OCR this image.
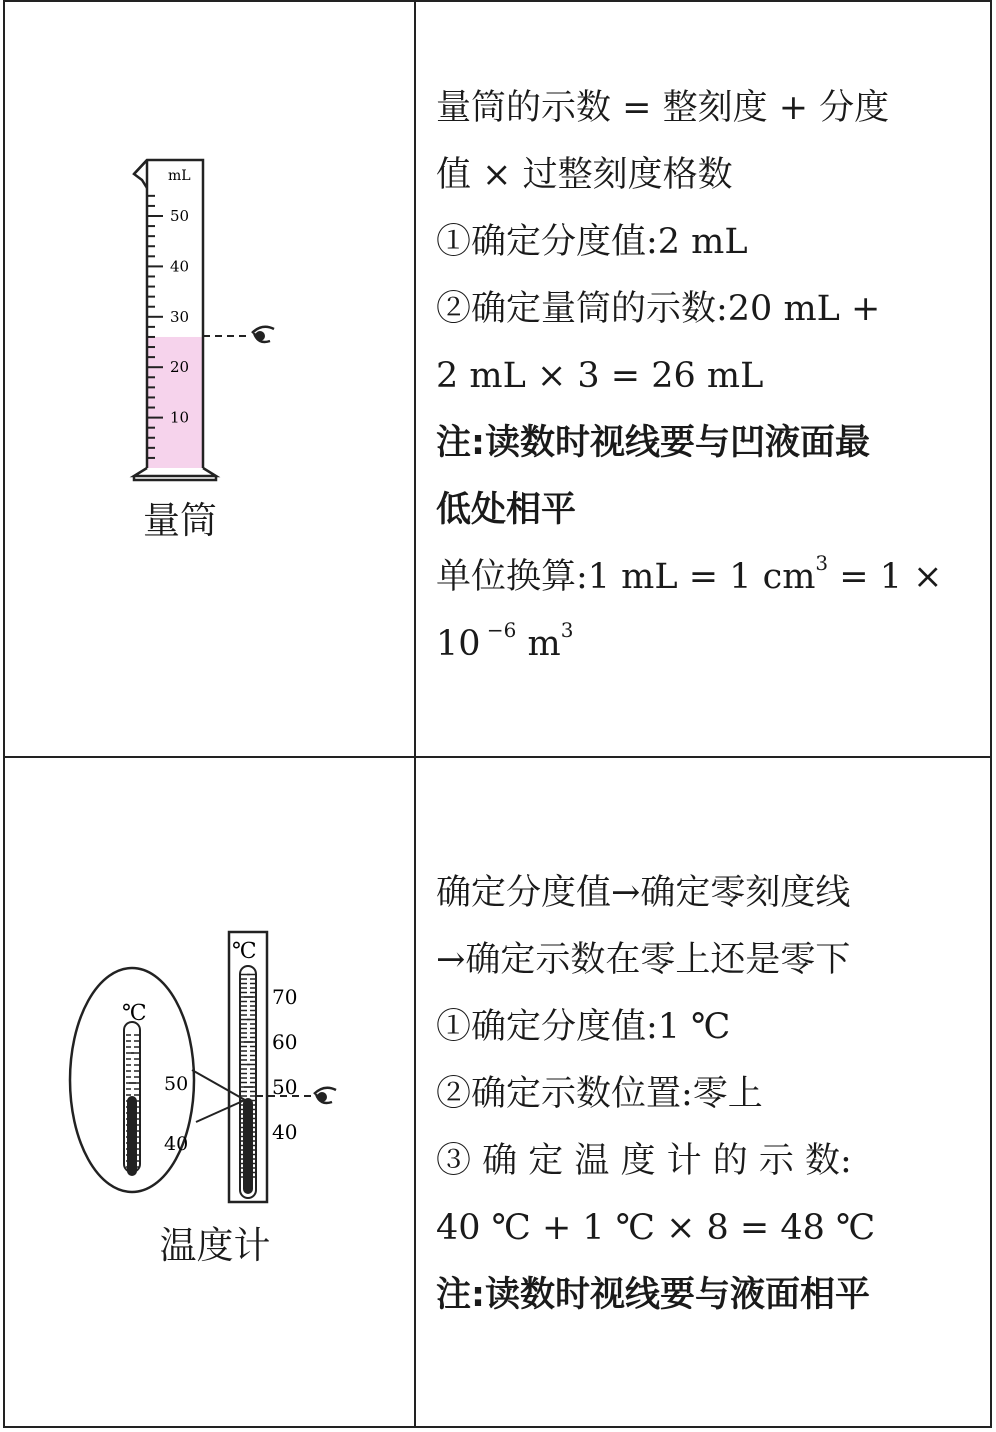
50
40
30
20
10
mL
量筒

量筒的示数 = 整刻度 + 分度

值 × 过整刻度格数

①确定分度值:2 mL

②确定量筒的示数:20 mL +

2 mL × 3 = 26 mL

注:读数时视线要与凹液面最

低处相平

单位换算:1 mL = 1 $cm^3 = 1$ ×

10 $^{-6}$ $m^3$

50
40
℃
70
60
50
40
℃
温度计

确定分度值→确定零刻度线

→确定示数在零上还是零下

①确定分度值:1 ℃

②确定示数位置:零上

③ 确 定 温 度 计 的 示 数:

40 ℃ + 1 ℃ × 8 = 48 ℃

注:读数时视线要与液面相平
